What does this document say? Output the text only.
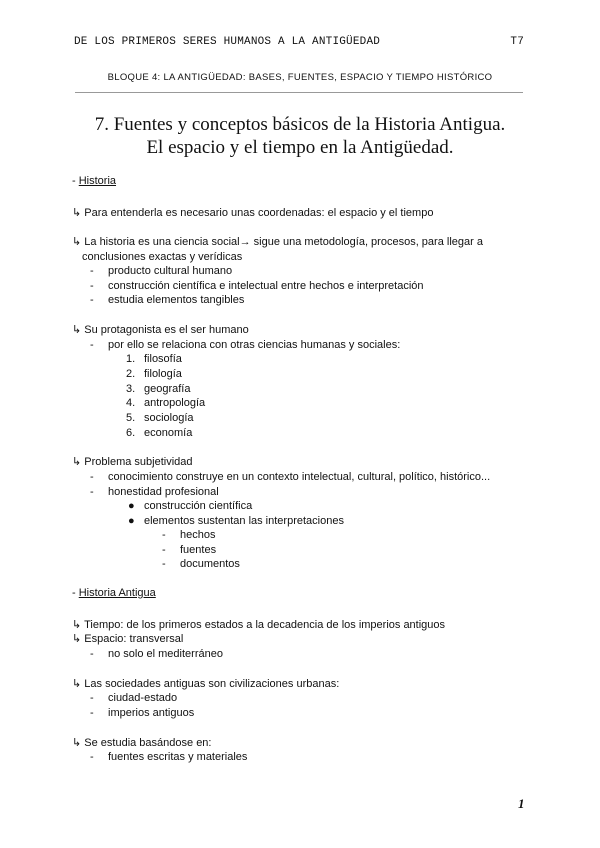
DE LOS PRIMEROS SERES HUMANOS A LA ANTIGÜEDAD	T7
BLOQUE 4: LA ANTIGÜEDAD: BASES, FUENTES, ESPACIO Y TIEMPO HISTÓRICO
7. Fuentes y conceptos básicos de la Historia Antigua.
El espacio y el tiempo en la Antigüedad.
- Historia
↳ Para entenderla es necesario unas coordenadas: el espacio y el tiempo
↳ La historia es una ciencia social→ sigue una metodología, procesos, para llegar a
conclusiones exactas y verídicas
- producto cultural humano
- construcción científica e intelectual entre hechos e interpretación
- estudia elementos tangibles
↳ Su protagonista es el ser humano
- por ello se relaciona con otras ciencias humanas y sociales:
1. filosofía
2. filología
3. geografía
4. antropología
5. sociología
6. economía
↳ Problema subjetividad
- conocimiento construye en un contexto intelectual, cultural, político, histórico...
- honestidad profesional
● construcción científica
● elementos sustentan las interpretaciones
- hechos
- fuentes
- documentos
- Historia Antigua
↳ Tiempo: de los primeros estados a la decadencia de los imperios antiguos
↳ Espacio: transversal
- no solo el mediterráneo
↳ Las sociedades antiguas son civilizaciones urbanas:
- ciudad-estado
- imperios antiguos
↳ Se estudia basándose en:
- fuentes escritas y materiales
1
